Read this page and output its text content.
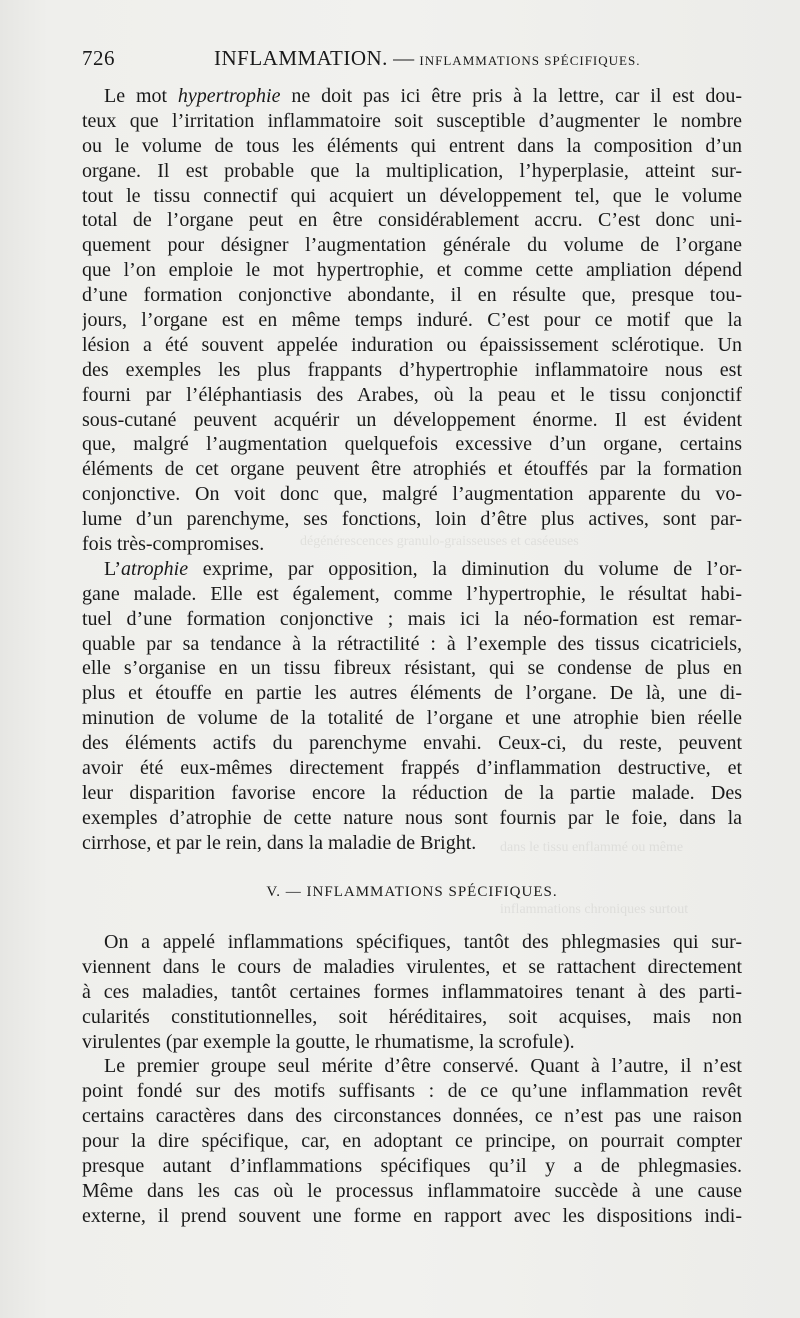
dégénérescences granulo-graisseuses et caséeuses
dans le tissu enflammé ou même
inflammations chroniques surtout
726	INFLAMMATION. — INFLAMMATIONS SPÉCIFIQUES.
Le mot hypertrophie ne doit pas ici être pris à la lettre, car il est dou-
teux que l’irritation inflammatoire soit susceptible d’augmenter le nombre
ou le volume de tous les éléments qui entrent dans la composition d’un
organe. Il est probable que la multiplication, l’hyperplasie, atteint sur-
tout le tissu connectif qui acquiert un développement tel, que le volume
total de l’organe peut en être considérablement accru. C’est donc uni-
quement pour désigner l’augmentation générale du volume de l’organe
que l’on emploie le mot hypertrophie, et comme cette ampliation dépend
d’une formation conjonctive abondante, il en résulte que, presque tou-
jours, l’organe est en même temps induré. C’est pour ce motif que la
lésion a été souvent appelée induration ou épaississement sclérotique. Un
des exemples les plus frappants d’hypertrophie inflammatoire nous est
fourni par l’éléphantiasis des Arabes, où la peau et le tissu conjonctif
sous-cutané peuvent acquérir un développement énorme. Il est évident
que, malgré l’augmentation quelquefois excessive d’un organe, certains
éléments de cet organe peuvent être atrophiés et étouffés par la formation
conjonctive. On voit donc que, malgré l’augmentation apparente du vo-
lume d’un parenchyme, ses fonctions, loin d’être plus actives, sont par-
fois très-compromises.
L’atrophie exprime, par opposition, la diminution du volume de l’or-
gane malade. Elle est également, comme l’hypertrophie, le résultat habi-
tuel d’une formation conjonctive ; mais ici la néo-formation est remar-
quable par sa tendance à la rétractilité : à l’exemple des tissus cicatriciels,
elle s’organise en un tissu fibreux résistant, qui se condense de plus en
plus et étouffe en partie les autres éléments de l’organe. De là, une di-
minution de volume de la totalité de l’organe et une atrophie bien réelle
des éléments actifs du parenchyme envahi. Ceux-ci, du reste, peuvent
avoir été eux-mêmes directement frappés d’inflammation destructive, et
leur disparition favorise encore la réduction de la partie malade. Des
exemples d’atrophie de cette nature nous sont fournis par le foie, dans la
cirrhose, et par le rein, dans la maladie de Bright.
V. — INFLAMMATIONS SPÉCIFIQUES.
On a appelé inflammations spécifiques, tantôt des phlegmasies qui sur-
viennent dans le cours de maladies virulentes, et se rattachent directement
à ces maladies, tantôt certaines formes inflammatoires tenant à des parti-
cularités constitutionnelles, soit héréditaires, soit acquises, mais non
virulentes (par exemple la goutte, le rhumatisme, la scrofule).
Le premier groupe seul mérite d’être conservé. Quant à l’autre, il n’est
point fondé sur des motifs suffisants : de ce qu’une inflammation revêt
certains caractères dans des circonstances données, ce n’est pas une raison
pour la dire spécifique, car, en adoptant ce principe, on pourrait compter
presque autant d’inflammations spécifiques qu’il y a de phlegmasies.
Même dans les cas où le processus inflammatoire succède à une cause
externe, il prend souvent une forme en rapport avec les dispositions indi-
